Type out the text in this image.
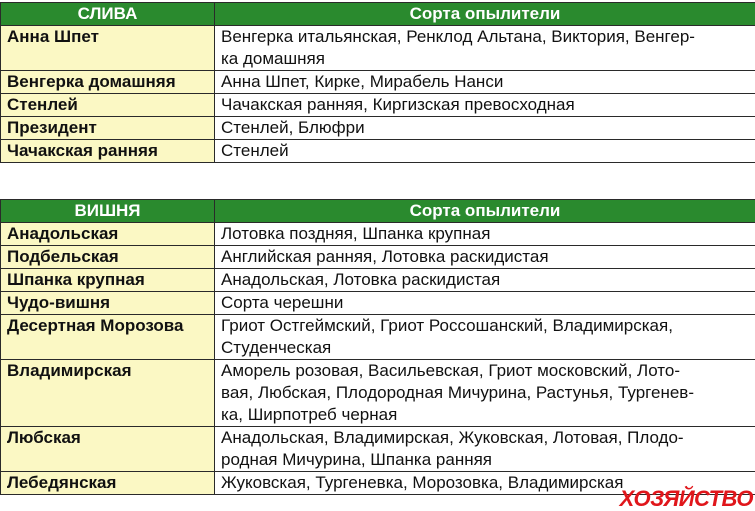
СЛИВА	Сорта опылители
Анна Шпет	Венгерка итальянская, Ренклод Альтана, Виктория, Венгер-
ка домашняя

Венгерка домашняя	Анна Шпет, Кирке, Мирабель Нанси
Стенлей	Чачакская ранняя, Киргизская превосходная
Президент	Стенлей, Блюфри
Чачакская ранняя	Стенлей
ВИШНЯ	Сорта опылители
Анадольская	Лотовка поздняя, Шпанка крупная
Подбельская	Английская ранняя, Лотовка раскидистая
Шпанка крупная	Анадольская, Лотовка раскидистая
Чудо-вишня	Сорта черешни
Десертная Морозова	Гриот Остгеймский, Гриот Россошанский, Владимирская,
Студенческая

Владимирская	Аморель розовая, Васильевская, Гриот московский, Лото-
вая, Любская, Плодородная Мичурина, Растунья, Тургенев-
ка, Ширпотреб черная

Любская	Анадольская, Владимирская, Жуковская, Лотовая, Плодо-
родная Мичурина, Шпанка ранняя

Лебедянская	Жуковская, Тургеневка, Морозовка, Владимирская
ХОЗЯЙСТВО
